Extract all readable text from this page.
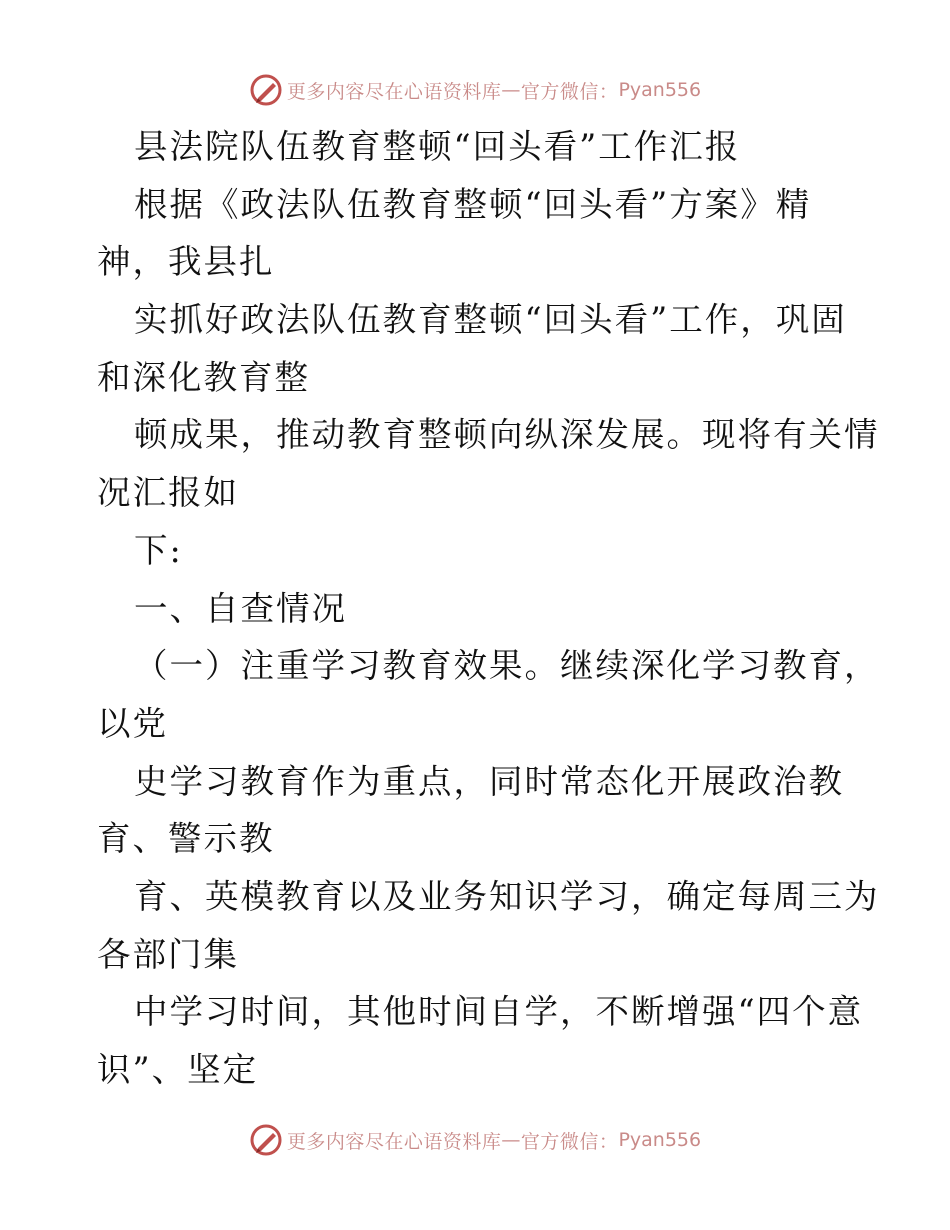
更多内容尽在心语资料库 — 官方微信： Pyan556
县法院队伍教育整顿“回头看”工作汇报
根据《政法队伍教育整顿“回头看”方案》精
神，我县扎
实抓好政法队伍教育整顿“回头看”工作，巩固
和深化教育整
顿成果，推动教育整顿向纵深发展。现将有关情
况汇报如
下:
一、自查情况
（一）注重学习教育效果。继续深化学习教育，
以党
史学习教育作为重点，同时常态化开展政治教
育、警示教
育、英模教育以及业务知识学习，确定每周三为
各部门集
中学习时间，其他时间自学，不断增强“四个意
识”、坚定
更多内容尽在心语资料库 — 官方微信： Pyan556
